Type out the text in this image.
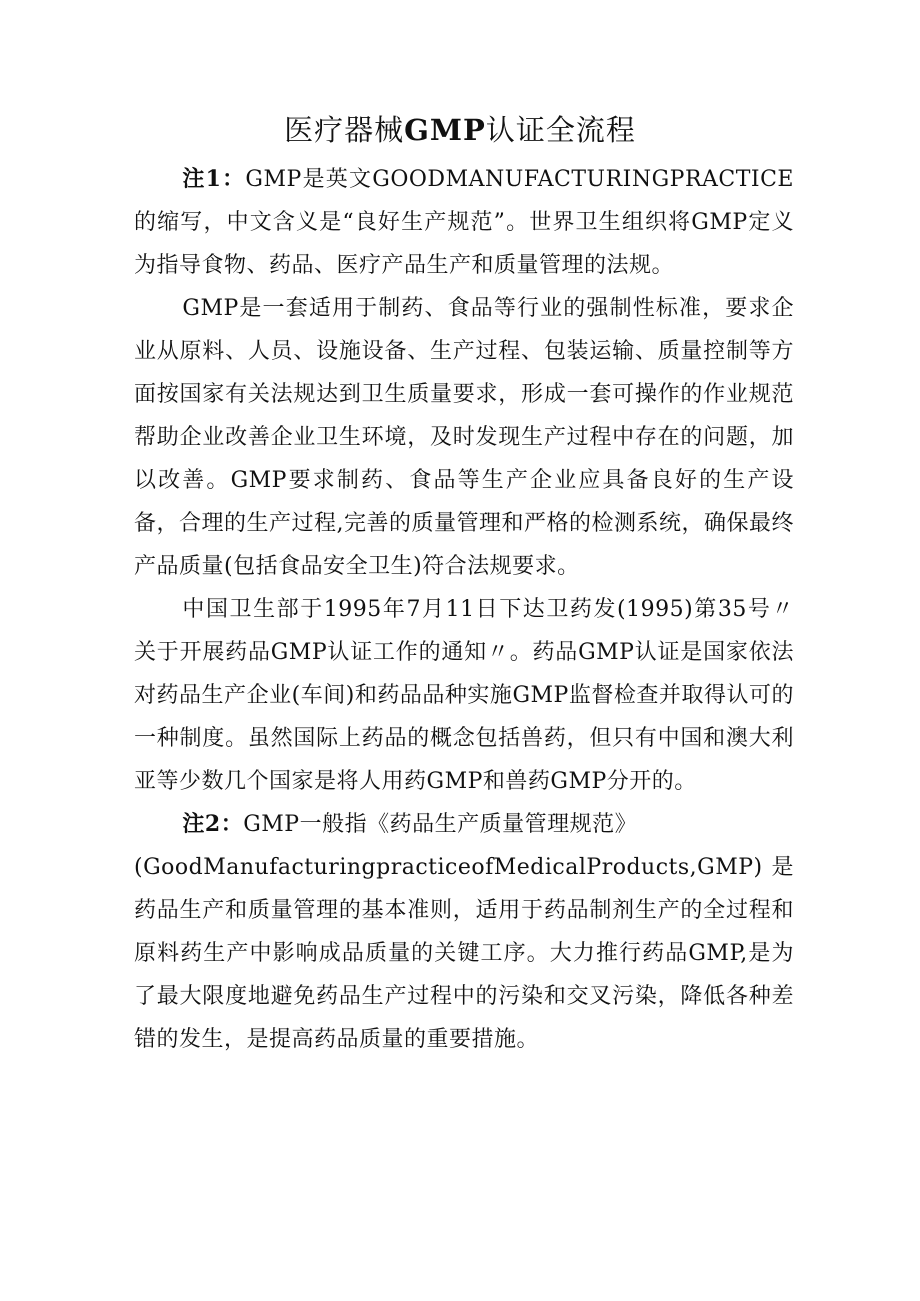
医疗器械GMP认证全流程

注1：GMP是英文GOODMANUFACTURINGPRACTICE的缩写，中文含义是“良好生产规范”。世界卫生组织将GMP定义为指导食物、药品、医疗产品生产和质量管理的法规。

GMP是一套适用于制药、食品等行业的强制性标准，要求企业从原料、人员、设施设备、生产过程、包装运输、质量控制等方面按国家有关法规达到卫生质量要求，形成一套可操作的作业规范帮助企业改善企业卫生环境，及时发现生产过程中存在的问题，加以改善。GMP要求制药、食品等生产企业应具备良好的生产设备，合理的生产过程,完善的质量管理和严格的检测系统，确保最终产品质量(包括食品安全卫生)符合法规要求。

中国卫生部于1995年7月11日下达卫药发(1995)第35号〃关于开展药品GMP认证工作的通知〃。药品GMP认证是国家依法对药品生产企业(车间)和药品品种实施GMP监督检查并取得认可的一种制度。虽然国际上药品的概念包括兽药，但只有中国和澳大利亚等少数几个国家是将人用药GMP和兽药GMP分开的。

注2：GMP一般指《药品生产质量管理规范》

(GoodManufacturingpracticeofMedicalProducts,GMP)是药品生产和质量管理的基本准则，适用于药品制剂生产的全过程和原料药生产中影响成品质量的关键工序。大力推行药品GMP,是为了最大限度地避免药品生产过程中的污染和交叉污染，降低各种差错的发生，是提高药品质量的重要措施。
